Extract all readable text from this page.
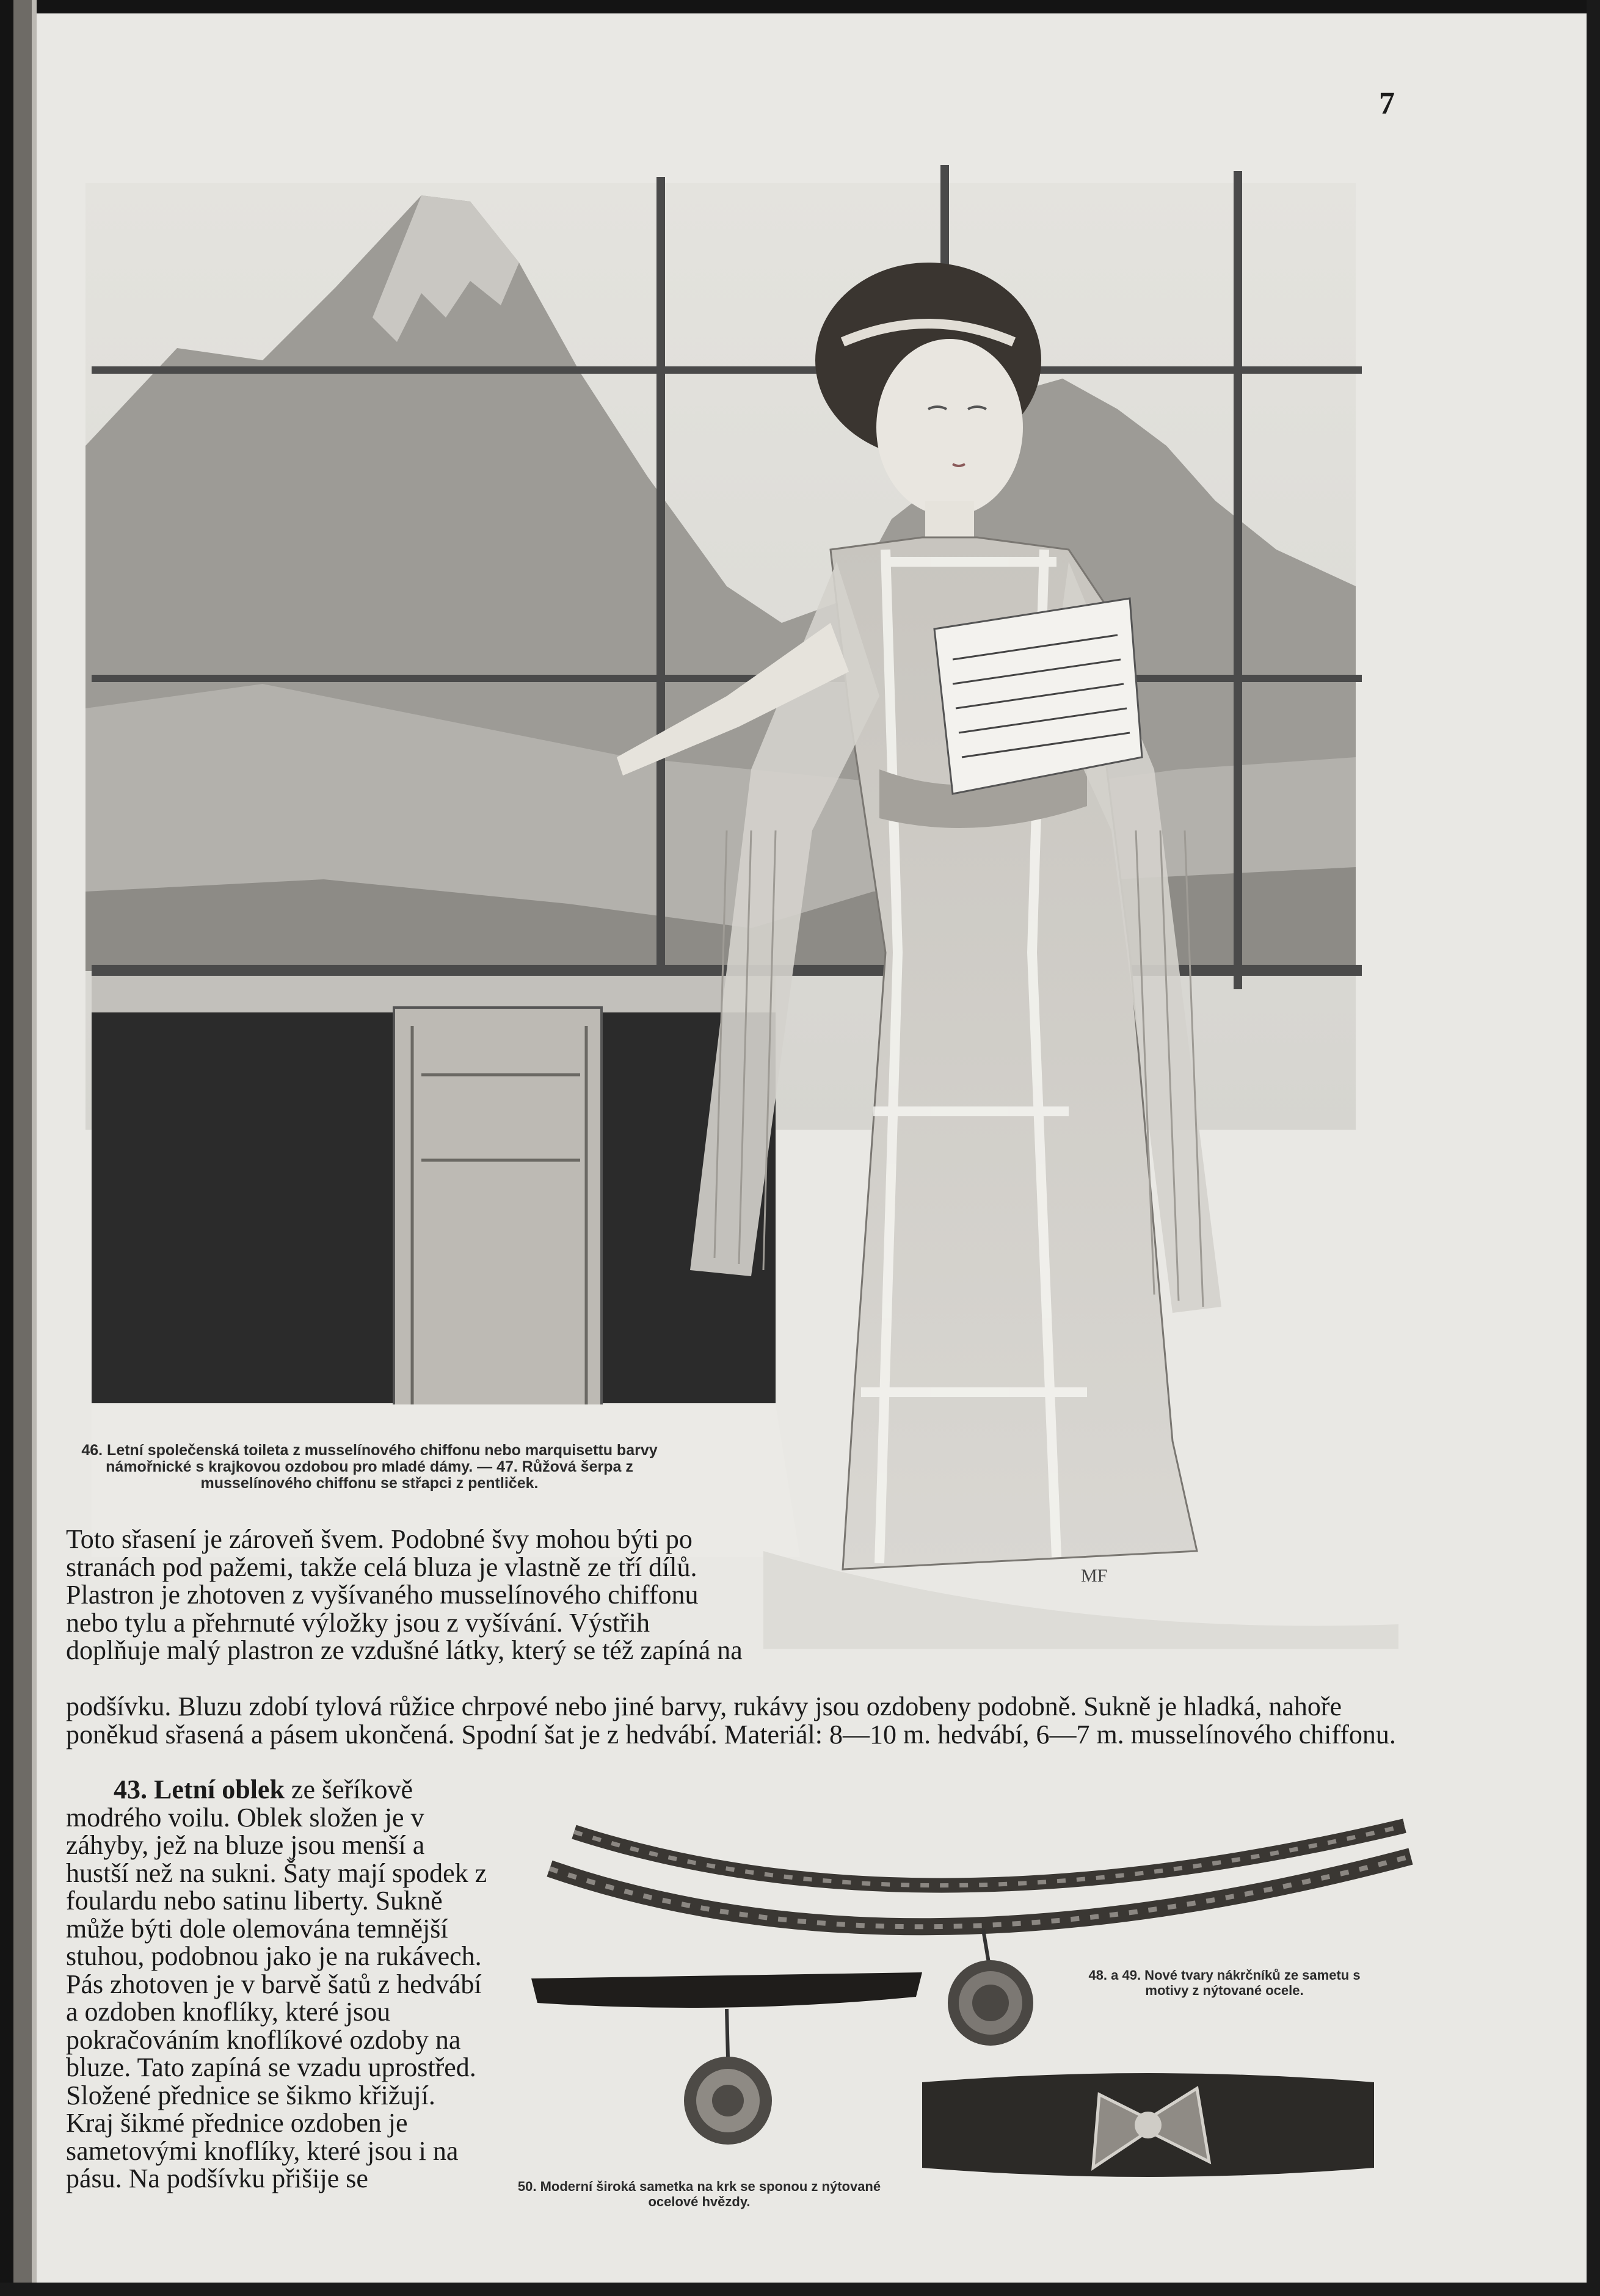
7
MF
46. Letní společenská toileta z musselínového chiffonu nebo marquisettu barvy námořnické s krajkovou ozdobou pro mladé dámy. — 47. Růžová šerpa z musselínového chiffonu se střapci z pentliček.
Toto sřasení je zároveň švem. Podobné švy mohou býti po stranách pod pažemi, takže celá bluza je vlastně ze tří dílů. Plastron je zhotoven z vyšívaného musselínového chiffonu nebo tylu a přehrnuté výložky jsou z vyšívání. Výstřih doplňuje malý plastron ze vzdušné látky, který se též zapíná na
podšívku. Bluzu zdobí tylová růžice chrpové nebo jiné barvy, rukávy jsou ozdobeny podobně. Sukně je hladká, nahoře poněkud sřasená a pásem ukončená. Spodní šat je z hedvábí. Materiál: 8—10 m. hedvábí, 6—7 m. musselínového chiffonu.
43. Letní oblek ze šeříkově modrého voilu. Oblek složen je v záhyby, jež na bluze jsou menší a hustší než na sukni. Šaty mají spodek z foulardu nebo satinu liberty. Sukně může býti dole olemována temnější stuhou, podobnou jako je na rukávech. Pás zhotoven je v barvě šatů z hedvábí a ozdoben knoflíky, které jsou pokračováním knoflíkové ozdoby na bluze. Tato zapíná se vzadu uprostřed. Složené přednice se šikmo křižují. Kraj šikmé přednice ozdoben je sametovými knoflíky, které jsou i na pásu. Na podšívku přišije se
48. a 49. Nové tvary nákrčníků ze sametu s motivy z nýtované ocele.
50. Moderní široká sametka na krk se sponou z nýtované ocelové hvězdy.
